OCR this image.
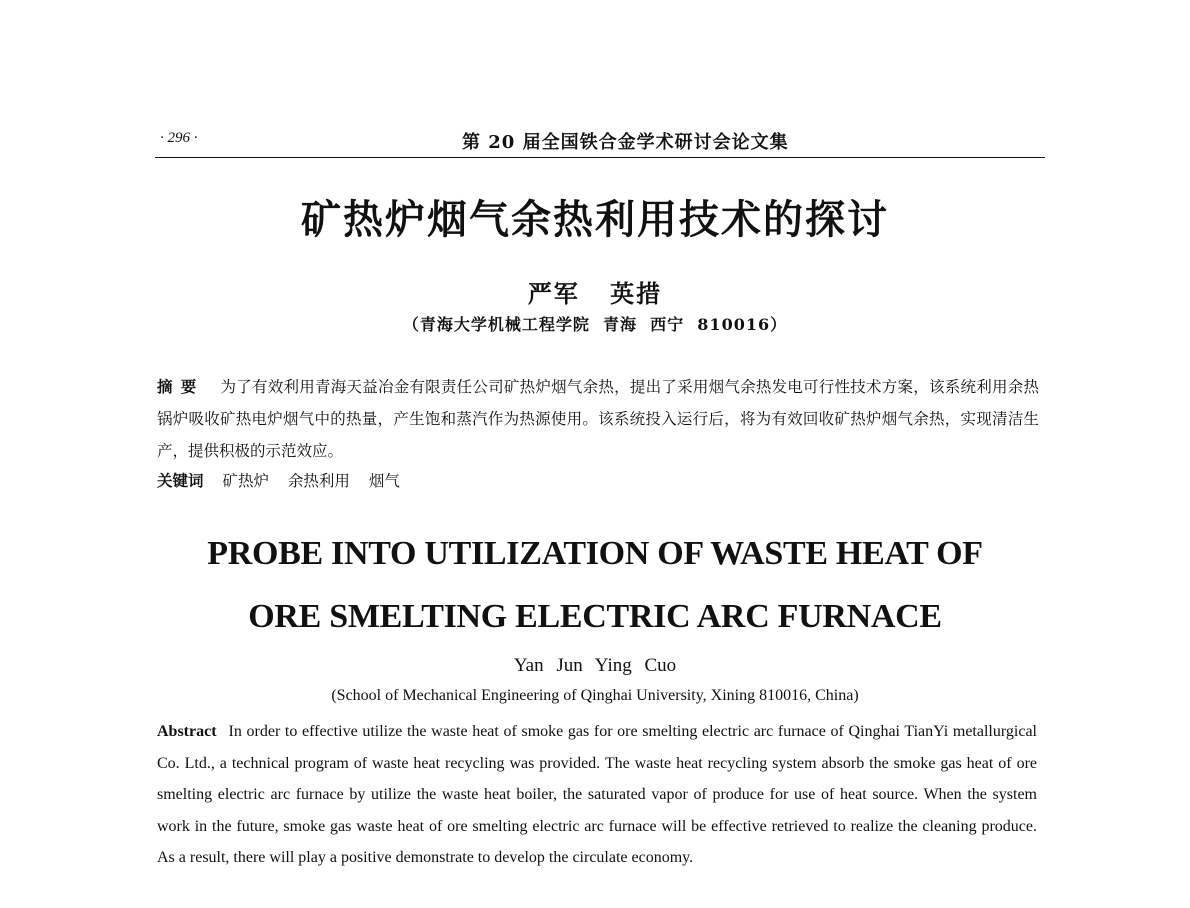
· 296 ·	第 20 届全国铁合金学术研讨会论文集
矿热炉烟气余热利用技术的探讨
严军 英措
（青海大学机械工程学院  青海  西宁  810016）
摘要 为了有效利用青海天益冶金有限责任公司矿热炉烟气余热，提出了采用烟气余热发电可行性技术方案，该系统利用余热锅炉吸收矿热电炉烟气中的热量，产生饱和蒸汽作为热源使用。该系统投入运行后，将为有效回收矿热炉烟气余热，实现清洁生产，提供积极的示范效应。
关键词 矿热炉 余热利用 烟气
PROBE INTO UTILIZATION OF WASTE HEAT OF
ORE SMELTING ELECTRIC ARC FURNACE
Yan Jun Ying Cuo
(School of Mechanical Engineering of Qinghai University, Xining 810016, China)
Abstract In order to effective utilize the waste heat of smoke gas for ore smelting electric arc furnace of Qinghai TianYi metallurgical Co. Ltd., a technical program of waste heat recycling was provided. The waste heat recycling system absorb the smoke gas heat of ore smelting electric arc furnace by utilize the waste heat boiler, the saturated vapor of produce for use of heat source. When the system work in the future, smoke gas waste heat of ore smelting electric arc furnace will be effective retrieved to realize the cleaning produce. As a result, there will play a positive demonstrate to develop the circulate economy.
